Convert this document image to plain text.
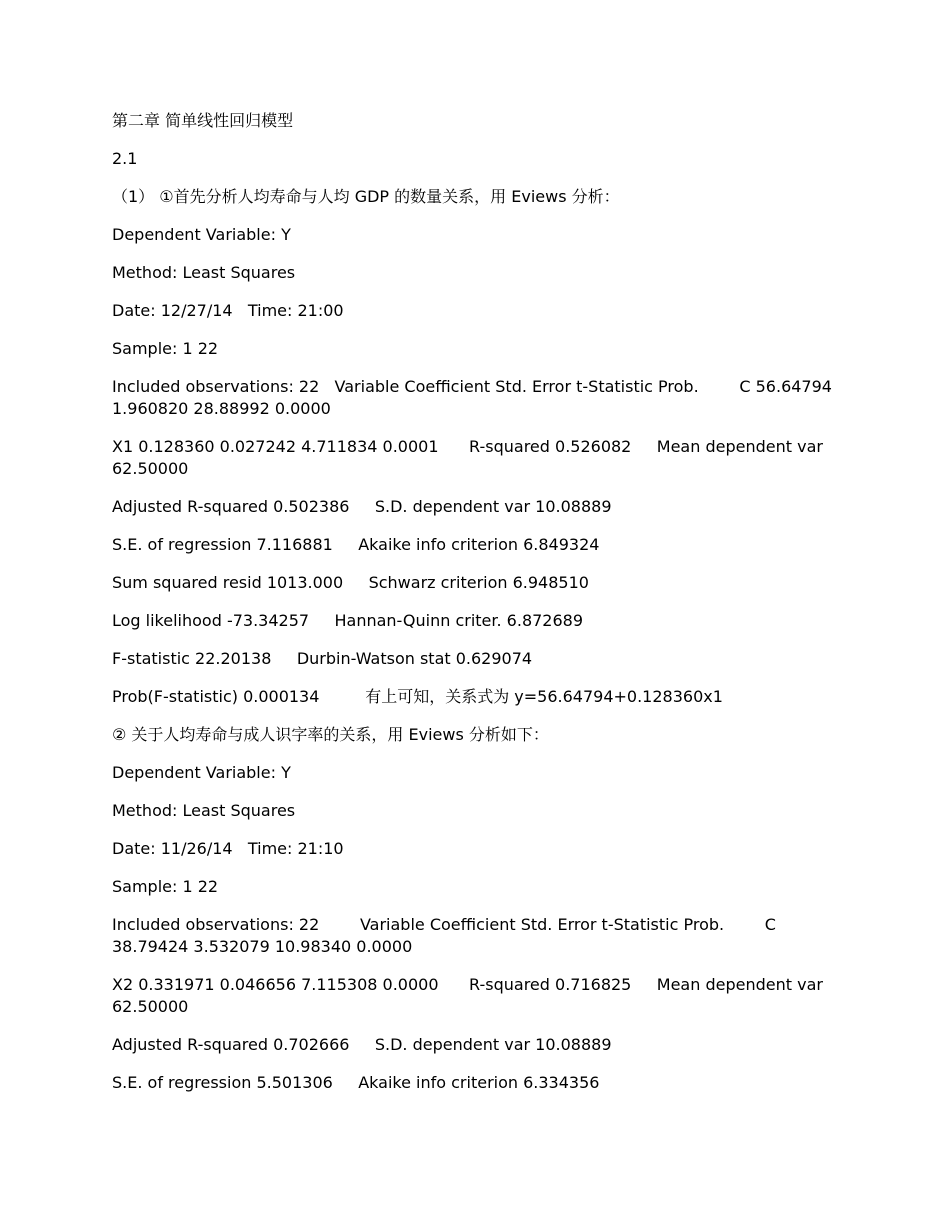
第二章 简单线性回归模型
2.1
（1） ①首先分析人均寿命与人均 GDP 的数量关系，用 Eviews 分析：
Dependent Variable: Y
Method: Least Squares
Date: 12/27/14   Time: 21:00
Sample: 1 22
Included observations: 22   Variable Coefficient Std. Error t-Statistic Prob.        C 56.64794 1.960820 28.88992 0.0000
X1 0.128360 0.027242 4.711834 0.0001      R-squared 0.526082     Mean dependent var 62.50000
Adjusted R-squared 0.502386     S.D. dependent var 10.08889
S.E. of regression 7.116881     Akaike info criterion 6.849324
Sum squared resid 1013.000     Schwarz criterion 6.948510
Log likelihood -73.34257     Hannan-Quinn criter. 6.872689
F-statistic 22.20138     Durbin-Watson stat 0.629074
Prob(F-statistic) 0.000134         有上可知，关系式为 y=56.64794+0.128360x1
② 关于人均寿命与成人识字率的关系，用 Eviews 分析如下：
Dependent Variable: Y
Method: Least Squares
Date: 11/26/14   Time: 21:10
Sample: 1 22
Included observations: 22        Variable Coefficient Std. Error t-Statistic Prob.        C 38.79424 3.532079 10.98340 0.0000
X2 0.331971 0.046656 7.115308 0.0000      R-squared 0.716825     Mean dependent var 62.50000
Adjusted R-squared 0.702666     S.D. dependent var 10.08889
S.E. of regression 5.501306     Akaike info criterion 6.334356
